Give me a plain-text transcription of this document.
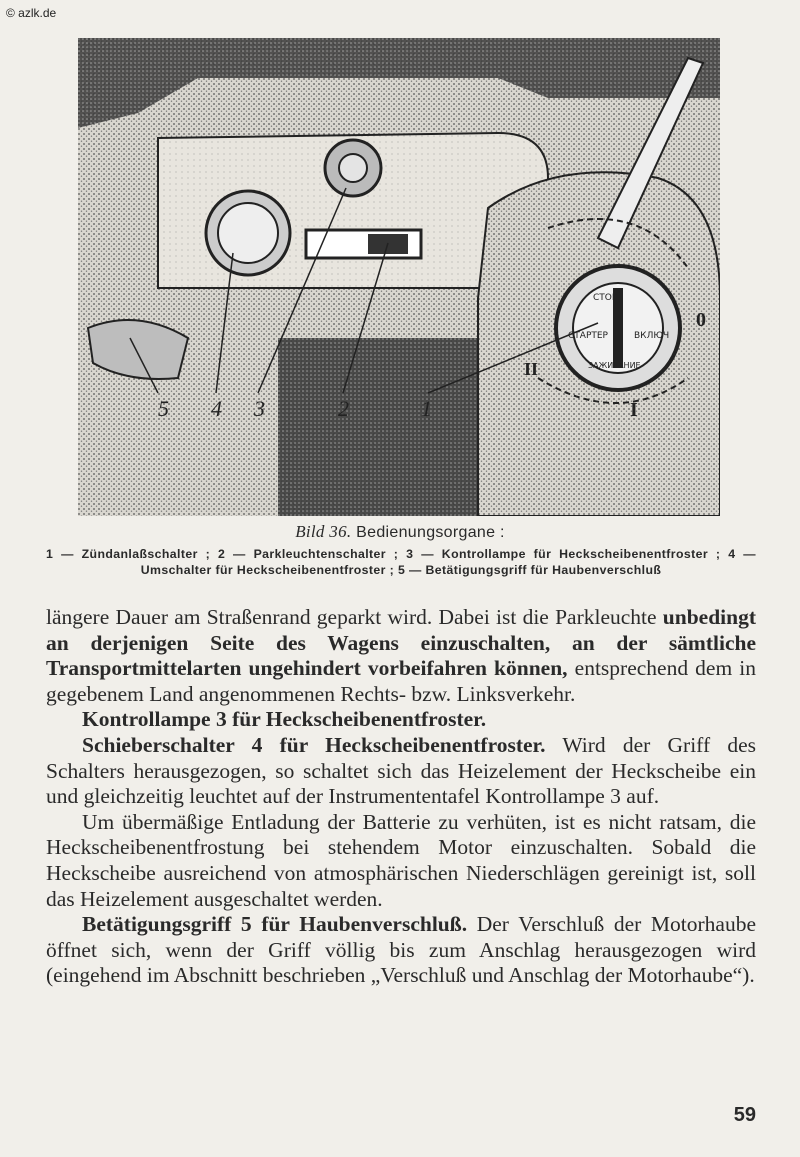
© azlk.de
5 4 3	2	1
СТОП
СТАРТЕР
ЗАЖИГАНИЕ
ВКЛЮЧ
II
0
I
Bild 36. Bedienungsorgane :
1 — Zündanlaßschalter ; 2 — Parkleuchtenschalter ; 3 — Kontrollampe für Heckscheibenentfroster ; 4 — Umschalter für Heckscheibenentfroster ; 5 — Betätigungsgriff für Haubenverschluß

längere Dauer am Straßenrand geparkt wird. Dabei ist die Parkleuchte unbedingt an derjenigen Seite des Wagens einzuschalten, an der sämtliche Transportmittelarten ungehindert vorbeifahren können, entsprechend dem in gegebenem Land angenommenen Rechts- bzw. Linksverkehr.

Kontrollampe 3 für Heckscheibenentfroster.

Schieberschalter 4 für Heckscheibenentfroster. Wird der Griff des Schalters herausgezogen, so schaltet sich das Heizelement der Heckscheibe ein und gleichzeitig leuchtet auf der Instrumententafel Kontrollampe 3 auf.

Um übermäßige Entladung der Batterie zu verhüten, ist es nicht ratsam, die Heckscheibenentfrostung bei stehendem Motor einzuschalten. Sobald die Heckscheibe ausreichend von atmosphärischen Niederschlägen gereinigt ist, soll das Heizelement ausgeschaltet werden.

Betätigungsgriff 5 für Haubenverschluß. Der Verschluß der Motorhaube öffnet sich, wenn der Griff völlig bis zum Anschlag herausgezogen wird (eingehend im Abschnitt beschrieben „Verschluß und Anschlag der Motorhaube“).

59
